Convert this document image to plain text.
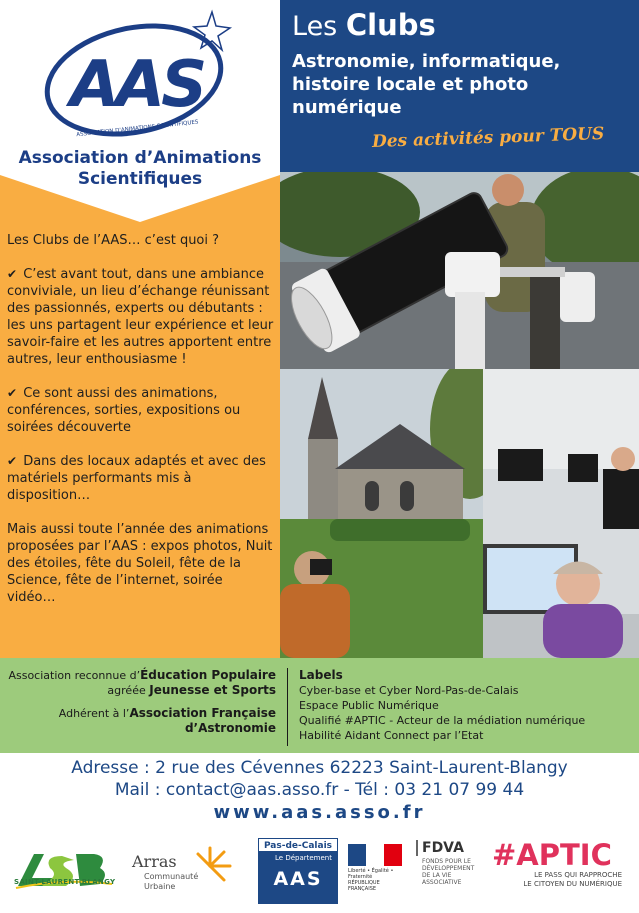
AAS
ASSOCIATION D'ANIMATIONS SCIENTIFIQUES
Association d’Animations
Scientifiques

Les Clubs de l’AAS… c’est quoi ?

✔ C’est avant tout, dans une ambiance conviviale, un lieu d’échange réunissant des passionnés, experts ou débutants : les uns partagent leur expérience et leur savoir-faire et les autres apportent entre autres, leur enthousiasme !

✔ Ce sont aussi des animations, conférences, sorties, expositions ou soirées découverte

✔ Dans des locaux adaptés et avec des matériels performants mis à disposition…

Mais aussi toute l’année des animations proposées par l’AAS : expos photos, Nuit des étoiles, fête du Soleil, fête de la Science, fête de l’internet, soirée vidéo…

Les Clubs
Astronomie, informatique, histoire locale et photo numérique
Des activités pour TOUS
Association reconnue d’Éducation Populaire
agréée Jeunesse et Sports
Adhérent à l’Association Française
d’Astronomie
Labels
Cyber-base et Cyber Nord-Pas-de-Calais
Espace Public Numérique
Qualifié #APTIC - Acteur de la médiation numérique
Habilité Aidant Connect par l’Etat
Adresse : 2 rue des Cévennes 62223 Saint-Laurent-Blangy
Mail : contact@aas.asso.fr - Tél : 03 21 07 99 44
www.aas.asso.fr
SAINT-LAURENT-BLANGY
Arras
Communauté
Urbaine
Pas-de-Calais
Le Département
AAS	Liberté • Égalité • Fraternité RÉPUBLIQUE FRANÇAISE
FDVA
FONDS POUR LE DÉVELOPPEMENT DE LA VIE ASSOCIATIVE
#APTIC
LE PASS QUI RAPPROCHE
LE CITOYEN DU NUMÉRIQUE
